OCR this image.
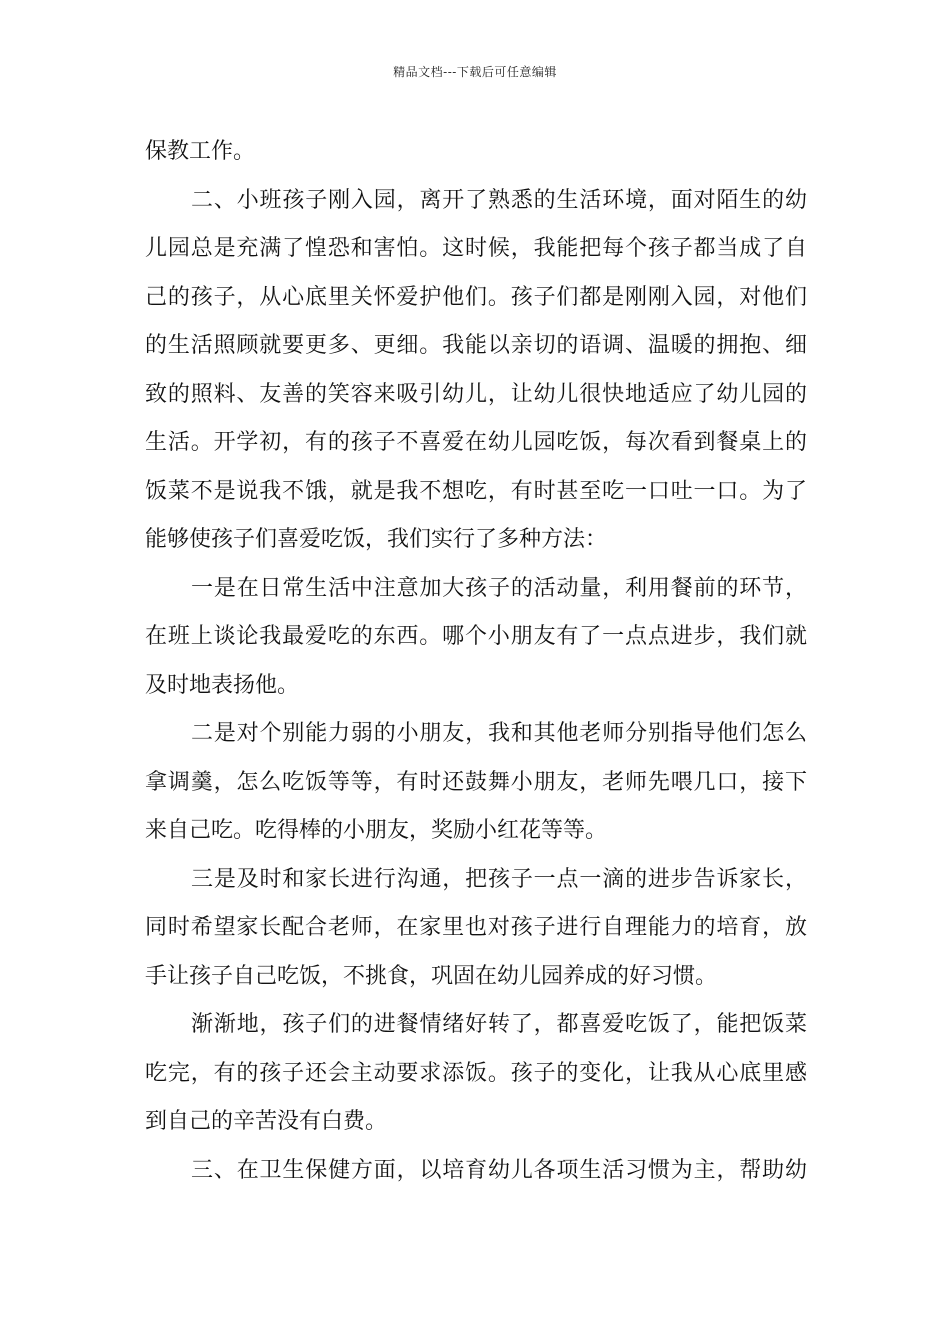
精品文档---下载后可任意编辑
保教工作。
二、小班孩子刚入园，离开了熟悉的生活环境，面对陌生的幼
儿园总是充满了惶恐和害怕。这时候，我能把每个孩子都当成了自
己的孩子，从心底里关怀爱护他们。孩子们都是刚刚入园，对他们
的生活照顾就要更多、更细。我能以亲切的语调、温暖的拥抱、细
致的照料、友善的笑容来吸引幼儿，让幼儿很快地适应了幼儿园的
生活。开学初，有的孩子不喜爱在幼儿园吃饭，每次看到餐桌上的
饭菜不是说我不饿，就是我不想吃，有时甚至吃一口吐一口。为了
能够使孩子们喜爱吃饭，我们实行了多种方法：
一是在日常生活中注意加大孩子的活动量，利用餐前的环节，
在班上谈论我最爱吃的东西。哪个小朋友有了一点点进步，我们就
及时地表扬他。
二是对个别能力弱的小朋友，我和其他老师分别指导他们怎么
拿调羹，怎么吃饭等等，有时还鼓舞小朋友，老师先喂几口，接下
来自己吃。吃得棒的小朋友，奖励小红花等等。
三是及时和家长进行沟通，把孩子一点一滴的进步告诉家长，
同时希望家长配合老师，在家里也对孩子进行自理能力的培育，放
手让孩子自己吃饭，不挑食，巩固在幼儿园养成的好习惯。
渐渐地，孩子们的进餐情绪好转了，都喜爱吃饭了，能把饭菜
吃完，有的孩子还会主动要求添饭。孩子的变化，让我从心底里感
到自己的辛苦没有白费。
三、在卫生保健方面，以培育幼儿各项生活习惯为主，帮助幼
